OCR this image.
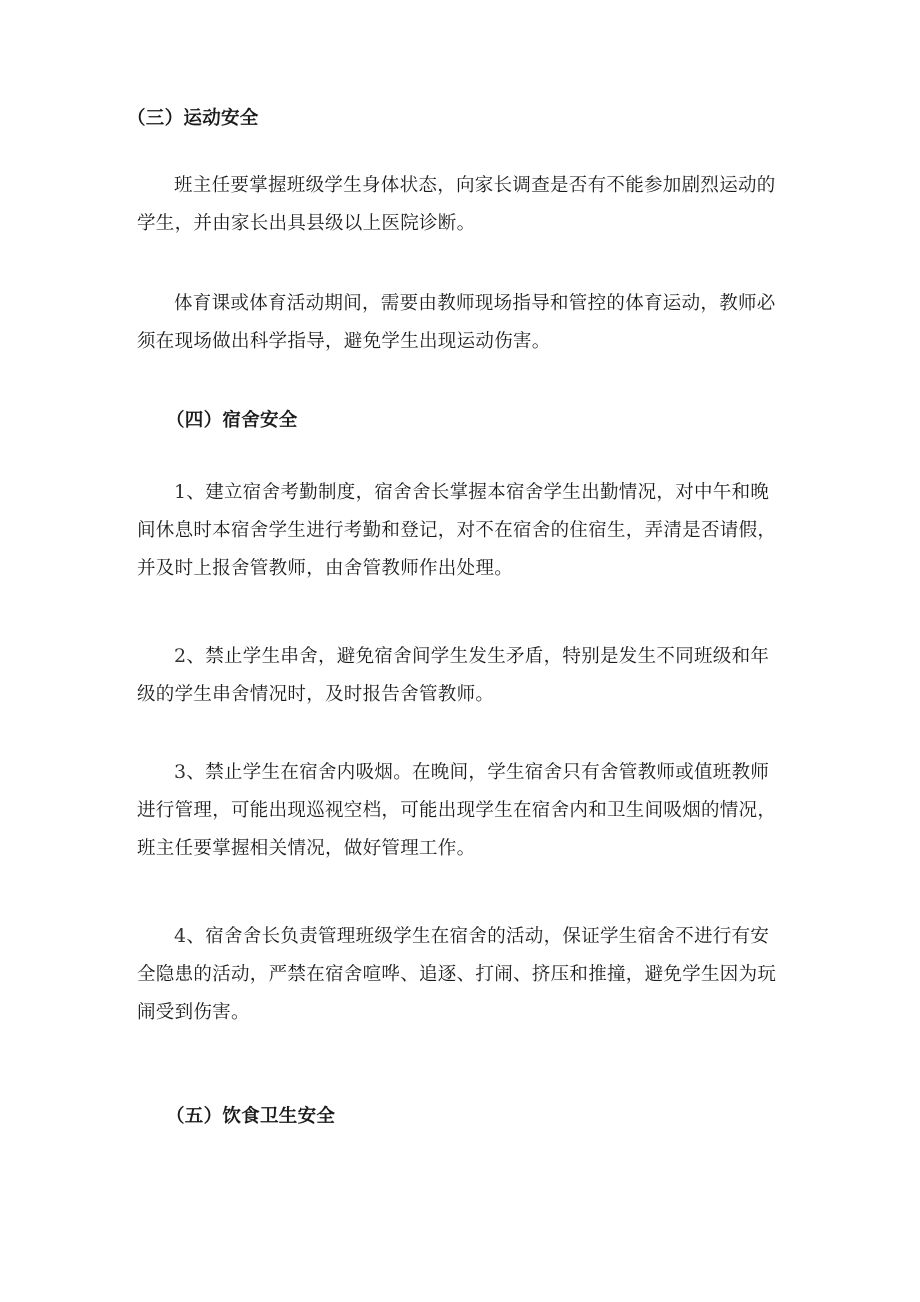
（三）运动安全

班主任要掌握班级学生身体状态，向家长调查是否有不能参加剧烈运动的学生，并由家长出具县级以上医院诊断。

体育课或体育活动期间，需要由教师现场指导和管控的体育运动，教师必须在现场做出科学指导，避免学生出现运动伤害。

（四）宿舍安全

1、建立宿舍考勤制度，宿舍舍长掌握本宿舍学生出勤情况，对中午和晚间休息时本宿舍学生进行考勤和登记，对不在宿舍的住宿生，弄清是否请假，并及时上报舍管教师，由舍管教师作出处理。

2、禁止学生串舍，避免宿舍间学生发生矛盾，特别是发生不同班级和年级的学生串舍情况时，及时报告舍管教师。

3、禁止学生在宿舍内吸烟。在晚间，学生宿舍只有舍管教师或值班教师进行管理，可能出现巡视空档，可能出现学生在宿舍内和卫生间吸烟的情况，班主任要掌握相关情况，做好管理工作。

4、宿舍舍长负责管理班级学生在宿舍的活动，保证学生宿舍不进行有安全隐患的活动，严禁在宿舍喧哗、追逐、打闹、挤压和推撞，避免学生因为玩闹受到伤害。

（五）饮食卫生安全
